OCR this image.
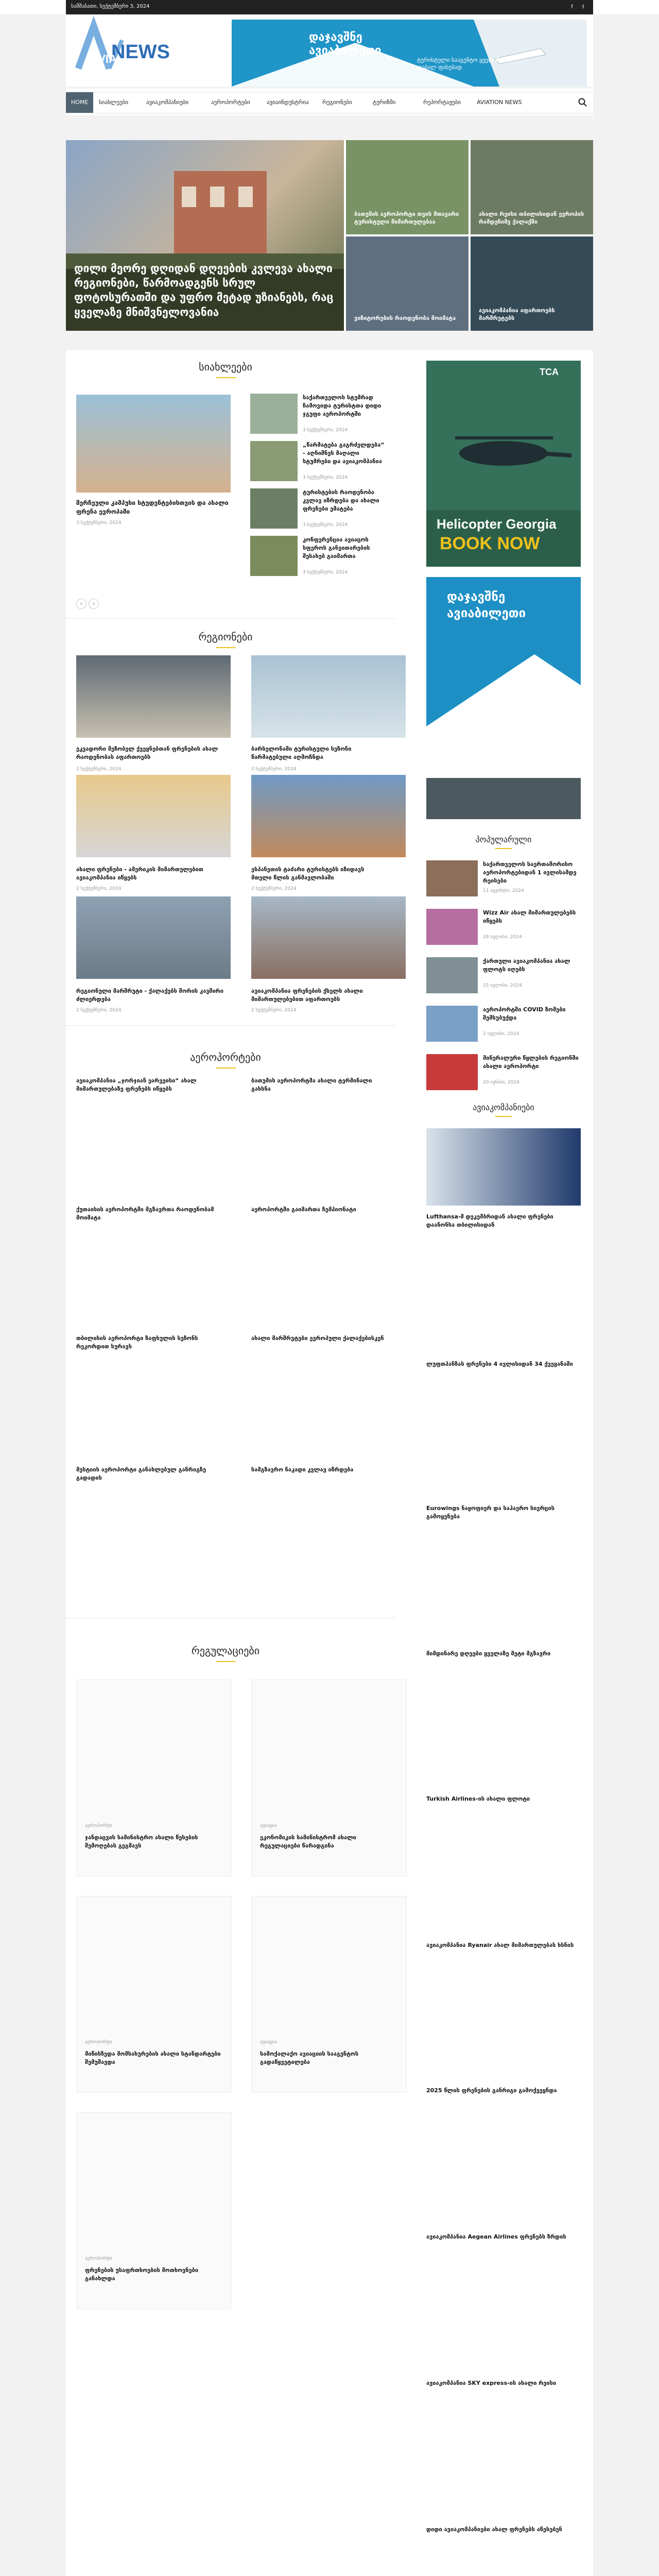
სამშაბათი, სექტემბერი 3, 2024	f	t
NEWS
AVIA
დაჯავშნე
ავიაბილეთი
ტურისტული სააგენტო ყველაზე დაბალ ფასებად
HOME	სიახლეები	ავიაკომპანიები	აეროპორტები	ავიაინდუსტრია რეგიონები	ტურიზმი	რეპორტაჟები	AVIATION NEWS
დილი მეორე დღიდან დღეების კვლევა ახალი რეგიონები, წარმოადგენს სრულ ფოტოსურათში და უფრო მეტად უზიანებს, რაც ყველაზე მნიშვნელოვანია
ბათუმის აეროპორტი თვის მთავარი ტურისტული მიმართულებაა
ახალი რეისი თბილისიდან ევროპის რამდენიმე ქალაქში
ვიზიტორების რაოდენობა მოიმატა
ავიაკომპანია აფართოებს მარშრუტებს
სიახლეები
შერჩეული კამპუსი სტუდენტებისთვის და ახალი ფრენა ევროპაში
3 სექტემბერი, 2024
საქართველოს სტუმრად ჩამოვიდა ტურისტთა დიდი ჯგუფი აეროპორტში
3 სექტემბერი, 2024
„წარმატება გაგრძელდება“ - აღნიშნეს მაღალი სტუმრები და ავიაკომპანია
3 სექტემბერი, 2024
ტურისტების რაოდენობა კვლავ იზრდება და ახალი ფრენები ემატება
3 სექტემბერი, 2024
კონფერენცია ავიაცოს სფეროს განვითარების შესახებ გაიმართა
3 სექტემბერი, 2024
‹	›
რეგიონები
ეკვადორი მეზობელ ქვეყნებთან ფრენების ახალ რაოდენობას აფართოებს
2 სექტემბერი, 2024
ბარსელონაში ტურისტული სეზონი წარმატებული აღმოჩნდა
2 სექტემბერი, 2024
ახალი ფრენები - ამერიკის მიმართულებით ავიაკომპანია იწყებს
2 სექტემბერი, 2024
ესპანეთის ტაძარი ტურისტებს იზიდავს მთელი წლის განმავლობაში
2 სექტემბერი, 2024
რეგიონული მარშრუტი - ქალაქებს შორის კავშირი ძლიერდება
2 სექტემბერი, 2024
ავიაკომპანია ფრენების ქსელს ახალი მიმართულებებით აფართოებს
2 სექტემბერი, 2024
აეროპორტები
ავიაკომპანია „ჯორჯიან ეარვეისი“ ახალ მიმართულებაზე ფრენებს იწყებს
ბათუმის აეროპორტმა ახალი ტერმინალი გახსნა
ქუთაისის აეროპორტში მგზავრთა რაოდენობამ მოიმატა
აეროპორტში გაიმართა ჩემპიონატი
თბილისის აეროპორტი ზაფხულის სეზონს რეკორდით ხურავს
ახალი მარშრუტები ევროპული ქალაქებისკენ
მესტიის აეროპორტი განახლებულ განრიგზე გადადის
სამგზავრო ნაკადი კვლავ იზრდება
რეგულაციები
აეროპორტი
ჯანდაცვის სამინისტრო ახალი წესების შემოღებას გეგმავს
ავიაცია
ეკონომიკის სამინისტრომ ახალი რეგულაციები წარადგინა
აეროპორტი
მიწისზედა მომსახურების ახალი სტანდარტები შემუშავდა
ავიაცია
სამოქალაქო ავიაციის სააგენტოს გადაწყვეტილება
აეროპორტი
ფრენების უსაფრთხოების მოთხოვნები განახლდა
TCA
Helicopter Georgia
BOOK NOW
დაჯავშნე
ავიაბილეთი
პოპულარული
საქართველოს საერთაშორისო აეროპორტებიდან 1 ივლისამდე რეისები
11 აგვისტო, 2024
Wizz Air ახალ მიმართულებებს იწყებს
28 ივლისი, 2024
ქართული ავიაკომპანია ახალ ფლოტს იღებს
15 ივლისი, 2024
აეროპორტში COVID ზომები შემსუბუქდა
2 ივლისი, 2024
მინერალური წყლების რეგიონში ახალი აეროპორტი
20 ივნისი, 2024
ავიაკომპანიები
Lufthansa-მ დეკემბრიდან ახალი ფრენები დაანონსა თბილისიდან
ლუფთჰანზას ფრენები 4 ივლისიდან 34 ქვეყანაში
Eurowings ნაყოფიერ და საჰაერო სივრცის გამოყენება
მიმდინარე დღეები ყველაზე მეტი მგზავრი
Turkish Airlines-ის ახალი ფლოტი
ავიაკომპანია Ryanair ახალ მიმართულებას ხსნის
2025 წლის ფრენების განრიგი გამოქვეყნდა
ავიაკომპანია Aegean Airlines ფრენებს ზრდის
ავიაკომპანია SKY express-ის ახალი რეისი
დიდი ავიაკომპანიები ახალ ფრენებს აწესებენ
